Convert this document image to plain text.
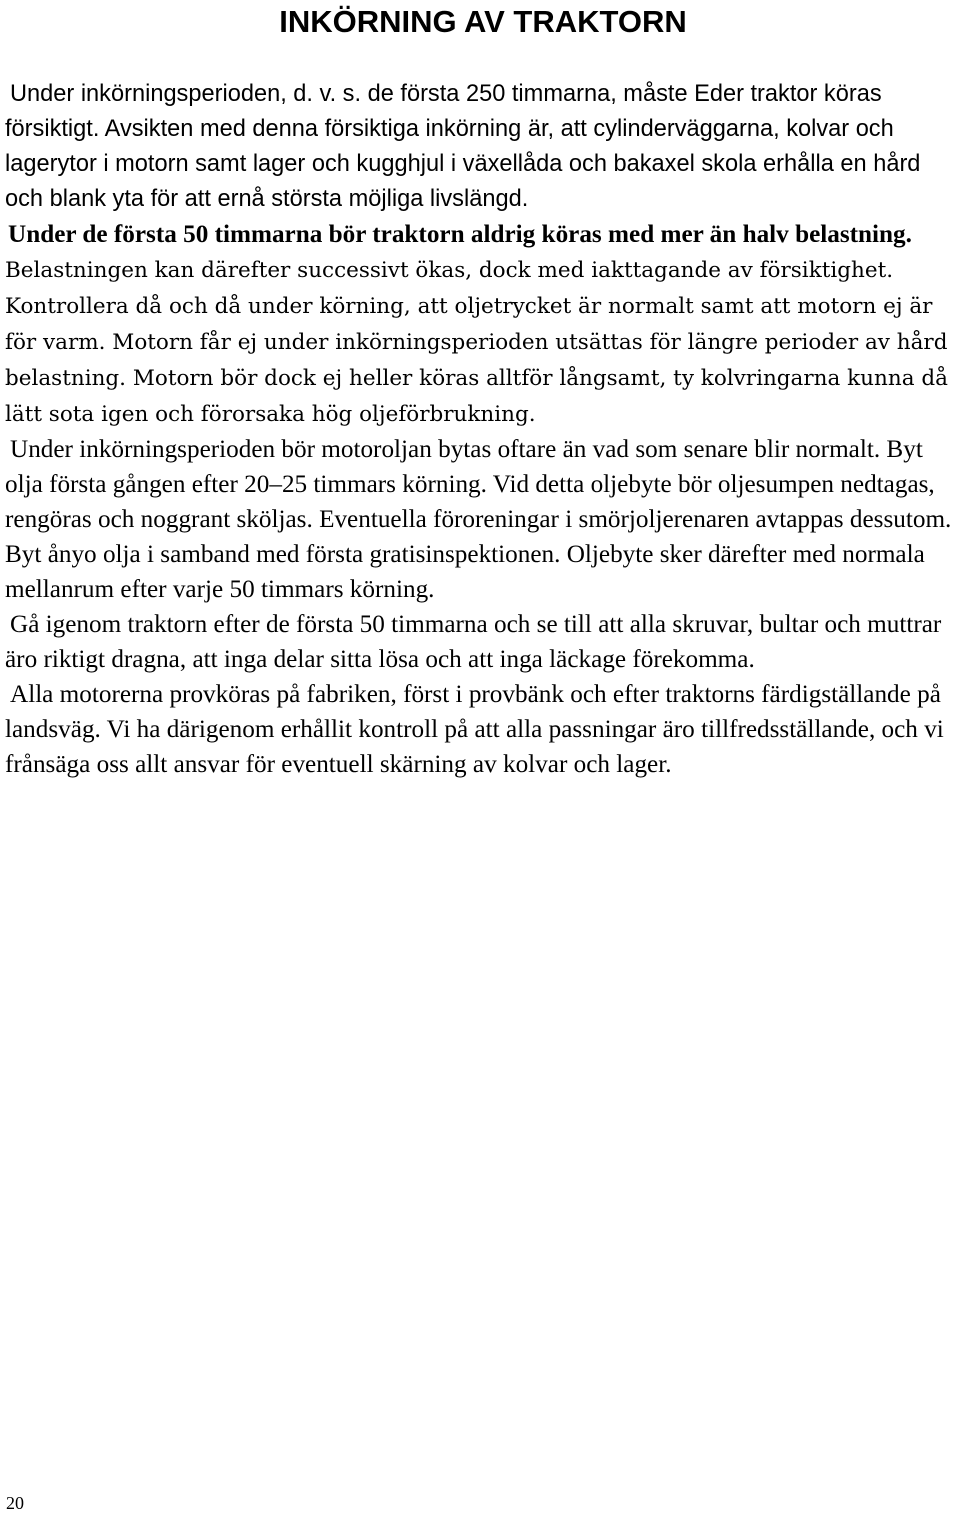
INKÖRNING AV TRAKTORN

Under inkörningsperioden, d. v. s. de första 250 timmarna, måste Eder traktor köras försiktigt. Avsikten med denna försiktiga inkörning är, att cylinderväggarna, kolvar och lagerytor i motorn samt lager och kugghjul i växellåda och bakaxel skola erhålla en hård och blank yta för att ernå största möjliga livslängd.

Under de första 50 timmarna bör traktorn aldrig köras med mer än halv belastning. Belastningen kan därefter successivt ökas, dock med iakttagande av försiktighet. Kontrollera då och då under körning, att oljetrycket är normalt samt att motorn ej är för varm. Motorn får ej under inkörningsperioden utsättas för längre perioder av hård belastning. Motorn bör dock ej heller köras alltför långsamt, ty kolvringarna kunna då lätt sota igen och förorsaka hög oljeförbrukning.

Under inkörningsperioden bör motoroljan bytas oftare än vad som senare blir normalt. Byt olja första gången efter 20–25 timmars körning. Vid detta oljebyte bör oljesumpen nedtagas, rengöras och noggrant sköljas. Eventuella föroreningar i smörjoljerenaren avtappas dessutom. Byt ånyo olja i samband med första gratisinspektionen. Oljebyte sker därefter med normala mellanrum efter varje 50 timmars körning.

Gå igenom traktorn efter de första 50 timmarna och se till att alla skruvar, bultar och muttrar äro riktigt dragna, att inga delar sitta lösa och att inga läckage förekomma.

Alla motorerna provköras på fabriken, först i provbänk och efter traktorns färdigställande på landsväg. Vi ha därigenom erhållit kontroll på att alla passningar äro tillfredsställande, och vi frånsäga oss allt ansvar för eventuell skärning av kolvar och lager.

20
